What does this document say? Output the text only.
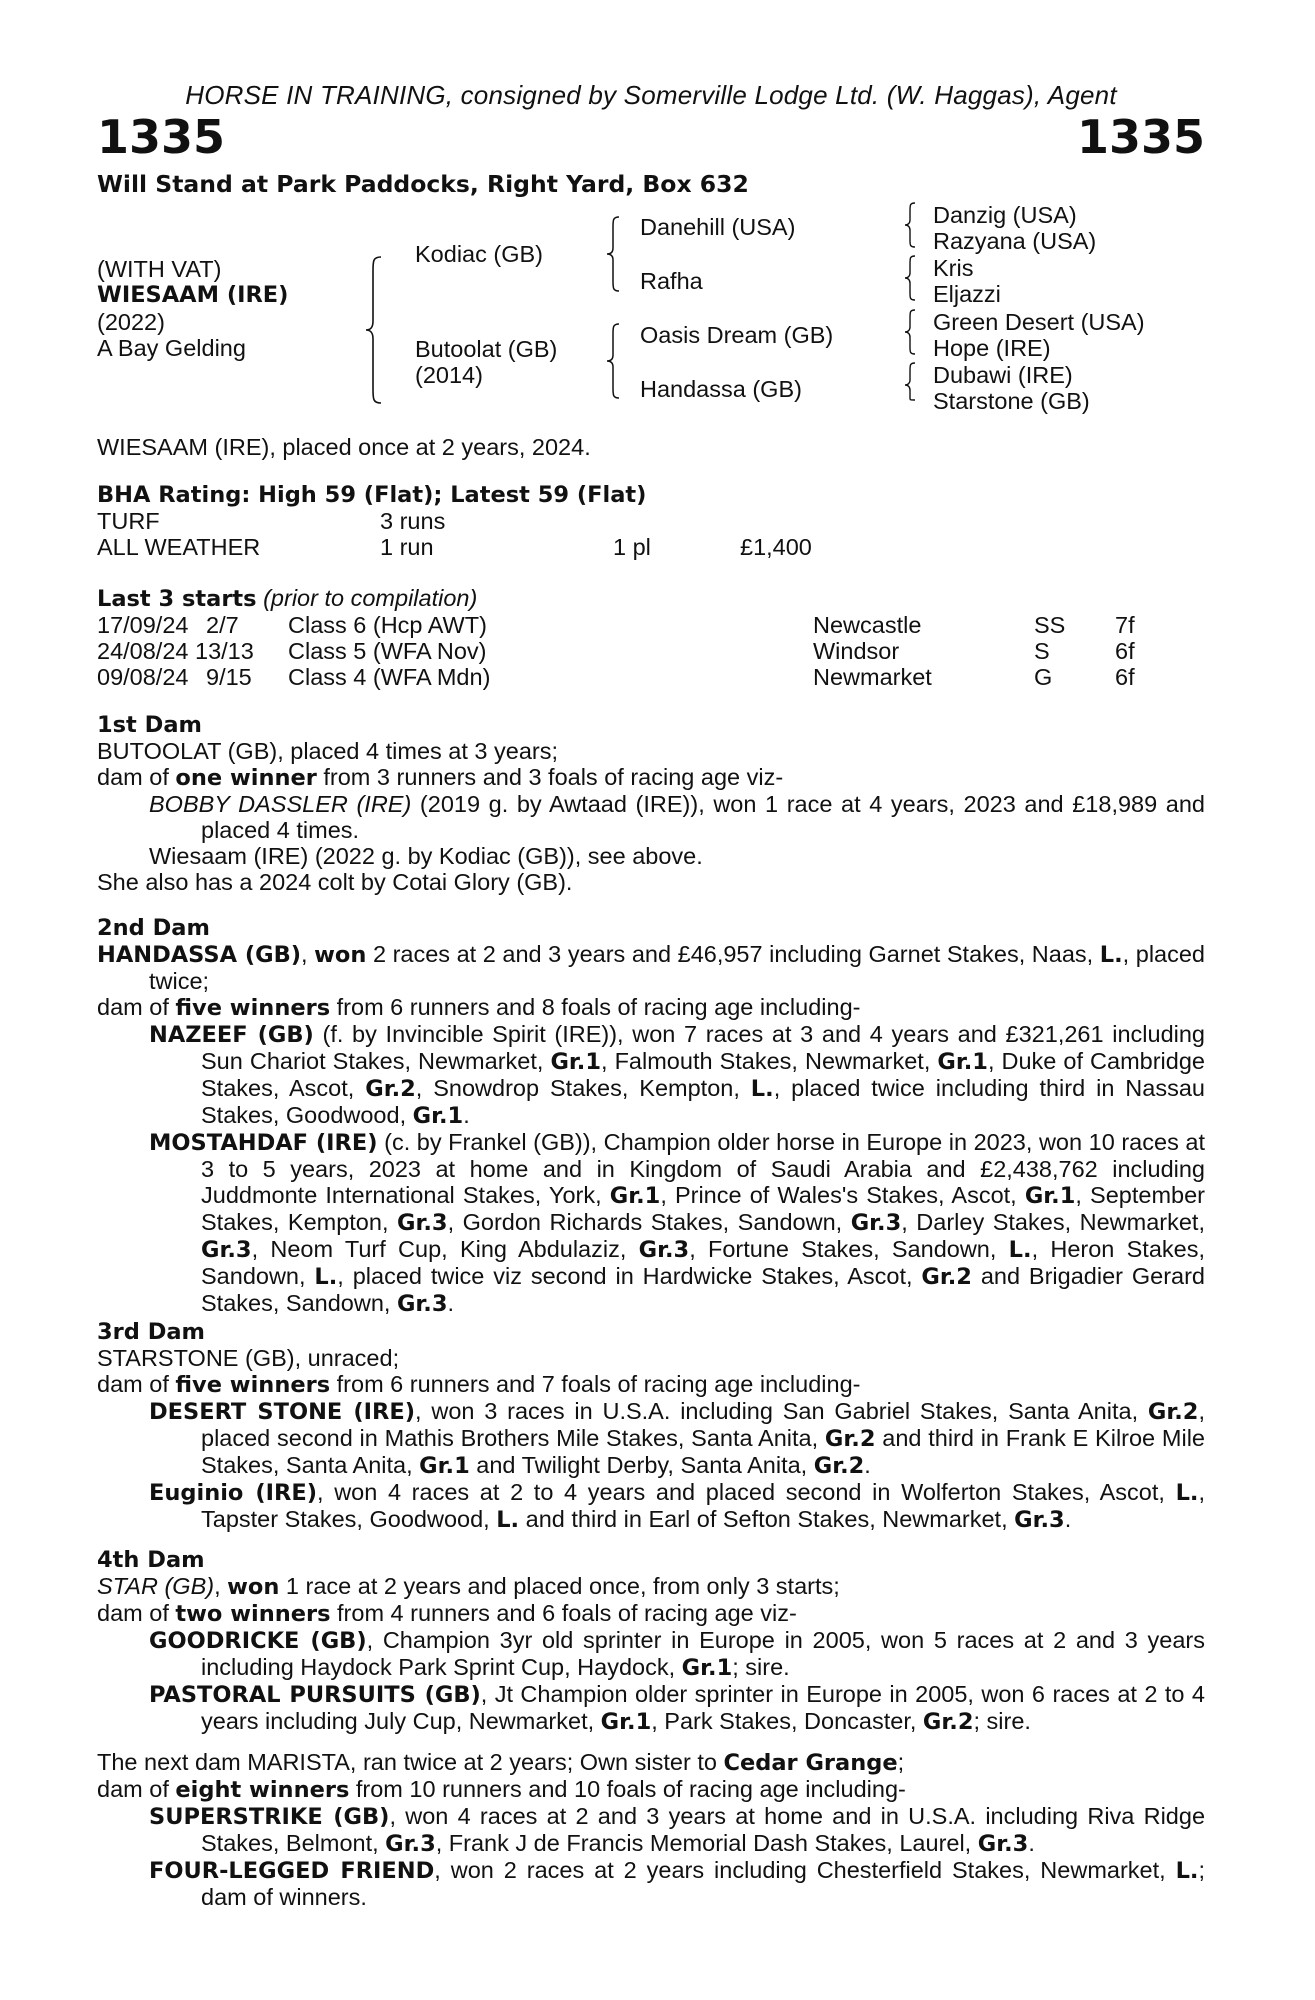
HORSE IN TRAINING, consigned by Somerville Lodge Ltd. (W. Haggas), Agent
1335	1335
Will Stand at Park Paddocks, Right Yard, Box 632
(WITH VAT)
WIESAAM (IRE)
(2022)
A Bay Gelding
Kodiac (GB)
Butoolat (GB)
(2014)
Danehill (USA)
Rafha
Oasis Dream (GB)
Handassa (GB)
Danzig (USA)
Razyana (USA)
Kris
Eljazzi
Green Desert (USA)
Hope (IRE)
Dubawi (IRE)
Starstone (GB)
WIESAAM (IRE), placed once at 2 years, 2024.
BHA Rating: High 59 (Flat); Latest 59 (Flat)
TURF	3 runs
ALL WEATHER	1 run	1 pl	£1,400
Last 3 starts (prior to compilation)
17/09/24 2/7 Class 6 (Hcp AWT)	Newcastle	SS 7f
24/08/24 13/13 Class 5 (WFA Nov)	Windsor	S	6f
09/08/24 9/15 Class 4 (WFA Mdn)	Newmarket	G	6f
1st Dam

BUTOOLAT (GB), placed 4 times at 3 years;

dam of one winner from 3 runners and 3 foals of racing age viz-

BOBBY DASSLER (IRE) (2019 g. by Awtaad (IRE)), won 1 race at 4 years, 2023 and £18,989 and placed 4 times.

Wiesaam (IRE) (2022 g. by Kodiac (GB)), see above.

She also has a 2024 colt by Cotai Glory (GB).

2nd Dam

HANDASSA (GB), won 2 races at 2 and 3 years and £46,957 including Garnet Stakes, Naas, L., placed twice;

dam of five winners from 6 runners and 8 foals of racing age including-

NAZEEF (GB) (f. by Invincible Spirit (IRE)), won 7 races at 3 and 4 years and £321,261 including Sun Chariot Stakes, Newmarket, Gr.1, Falmouth Stakes, Newmarket, Gr.1, Duke of Cambridge Stakes, Ascot, Gr.2, Snowdrop Stakes, Kempton, L., placed twice including third in Nassau Stakes, Goodwood, Gr.1.

MOSTAHDAF (IRE) (c. by Frankel (GB)), Champion older horse in Europe in 2023, won 10 races at 3 to 5 years, 2023 at home and in Kingdom of Saudi Arabia and £2,438,762 including Juddmonte International Stakes, York, Gr.1, Prince of Wales's Stakes, Ascot, Gr.1, September Stakes, Kempton, Gr.3, Gordon Richards Stakes, Sandown, Gr.3, Darley Stakes, Newmarket, Gr.3, Neom Turf Cup, King Abdulaziz, Gr.3, Fortune Stakes, Sandown, L., Heron Stakes, Sandown, L., placed twice viz second in Hardwicke Stakes, Ascot, Gr.2 and Brigadier Gerard Stakes, Sandown, Gr.3.

3rd Dam

STARSTONE (GB), unraced;

dam of five winners from 6 runners and 7 foals of racing age including-

DESERT STONE (IRE), won 3 races in U.S.A. including San Gabriel Stakes, Santa Anita, Gr.2, placed second in Mathis Brothers Mile Stakes, Santa Anita, Gr.2 and third in Frank E Kilroe Mile Stakes, Santa Anita, Gr.1 and Twilight Derby, Santa Anita, Gr.2.

Euginio (IRE), won 4 races at 2 to 4 years and placed second in Wolferton Stakes, Ascot, L., Tapster Stakes, Goodwood, L. and third in Earl of Sefton Stakes, Newmarket, Gr.3.

4th Dam

STAR (GB), won 1 race at 2 years and placed once, from only 3 starts;

dam of two winners from 4 runners and 6 foals of racing age viz-

GOODRICKE (GB), Champion 3yr old sprinter in Europe in 2005, won 5 races at 2 and 3 years including Haydock Park Sprint Cup, Haydock, Gr.1; sire.

PASTORAL PURSUITS (GB), Jt Champion older sprinter in Europe in 2005, won 6 races at 2 to 4 years including July Cup, Newmarket, Gr.1, Park Stakes, Doncaster, Gr.2; sire.

The next dam MARISTA, ran twice at 2 years; Own sister to Cedar Grange;

dam of eight winners from 10 runners and 10 foals of racing age including-

SUPERSTRIKE (GB), won 4 races at 2 and 3 years at home and in U.S.A. including Riva Ridge Stakes, Belmont, Gr.3, Frank J de Francis Memorial Dash Stakes, Laurel, Gr.3.

FOUR-LEGGED FRIEND, won 2 races at 2 years including Chesterfield Stakes, Newmarket, L.; dam of winners.
